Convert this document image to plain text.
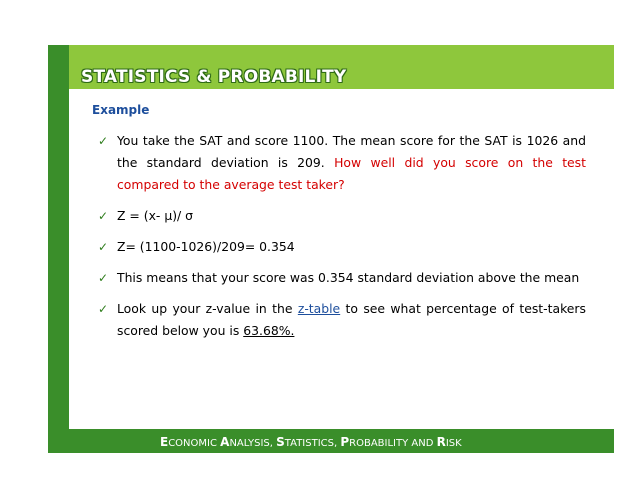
STATISTICS & PROBABILITY
Example
✓ You take the SAT and score 1100. The mean score for the SAT is 1026 and the standard deviation is 209. How well did you score on the test compared to the average test taker?
✓ Z = (x- μ)/ σ
✓ Z= (1100-1026)/209= 0.354
✓ This means that your score was 0.354 standard deviation above the mean
✓ Look up your z-value in the z-table to see what percentage of test-takers scored below you is 63.68%.
ECONOMIC ANALYSIS, STATISTICS, PROBABILITY AND RISK
